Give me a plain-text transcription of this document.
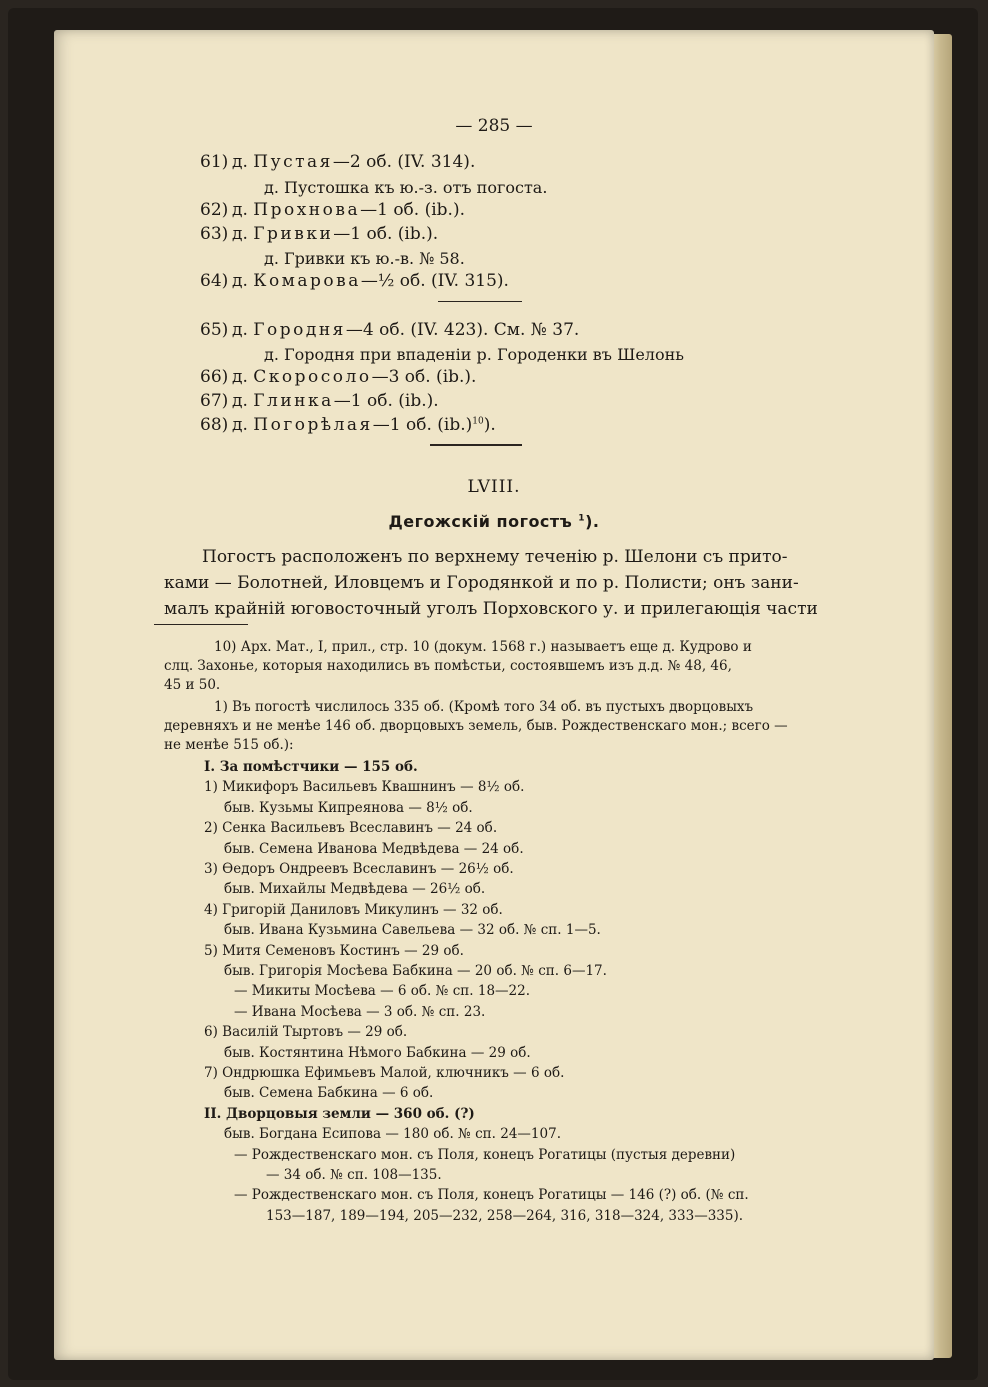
— 285 —
61) д. Пустая—2 об. (IV. 314).
д. Пустошка къ ю.-з. отъ погоста.
62) д. Прохнова—1 об. (ib.).
63) д. Гривки—1 об. (ib.).
д. Гривки къ ю.-в. № 58.
64) д. Комарова—½ об. (IV. 315).
65) д. Городня—4 об. (IV. 423). См. № 37.
д. Городня при впаденіи р. Городенки въ Шелонь
66) д. Скоросоло—3 об. (ib.).
67) д. Глинка—1 об. (ib.).
68) д. Погорѣлая—1 об. $(ib.)^{10}$).
LVIII.
Дегожскій погостъ $^1$).
Погостъ расположенъ по верхнему теченію р. Шелони съ прито-
ками — Болотней, Иловцемъ и Городянкой и по р. Полисти; онъ зани-
малъ крайній юговосточный уголъ Порховского у. и прилегающія части
10) Арх. Мат., I, прил., стр. 10 (докум. 1568 г.) называетъ еще д. Кудрово и
слц. Захонье, которыя находились въ помѣстьи, состоявшемъ изъ д.д. № 48, 46,
45 и 50.
1) Въ погостѣ числилось 335 об. (Кромѣ того 34 об. въ пустыхъ дворцовыхъ
деревняхъ и не менѣе 146 об. дворцовыхъ земель, быв. Рождественскаго мон.; всего —
не менѣе 515 об.):
I. За помѣстчики — 155 об.
1) Микифоръ Васильевъ Квашнинъ — 8½ об.
быв. Кузьмы Кипреянова — 8½ об.
2) Сенка Васильевъ Всеславинъ — 24 об.
быв. Семена Иванова Медвѣдева — 24 об.
3) Ѳедоръ Ондреевъ Всеславинъ — 26½ об.
быв. Михайлы Медвѣдева — 26½ об.
4) Григорій Даниловъ Микулинъ — 32 об.
быв. Ивана Кузьмина Савельева — 32 об. № сп. 1—5.
5) Митя Семеновъ Костинъ — 29 об.
быв. Григорія Мосѣева Бабкина — 20 об. № сп. 6—17.
— Микиты Мосѣева — 6 об. № сп. 18—22.
— Ивана Мосѣева — 3 об. № сп. 23.
6) Василій Тыртовъ — 29 об.
быв. Костянтина Нѣмого Бабкина — 29 об.
7) Ондрюшка Ефимьевъ Малой, ключникъ — 6 об.
быв. Семена Бабкина — 6 об.
II. Дворцовыя земли — 360 об. (?)
быв. Богдана Есипова — 180 об. № сп. 24—107.
— Рождественскаго мон. съ Поля, конецъ Рогатицы (пустыя деревни)
— 34 об. № сп. 108—135.
— Рождественскаго мон. съ Поля, конецъ Рогатицы — 146 (?) об. (№ сп.
153—187, 189—194, 205—232, 258—264, 316, 318—324, 333—335).
